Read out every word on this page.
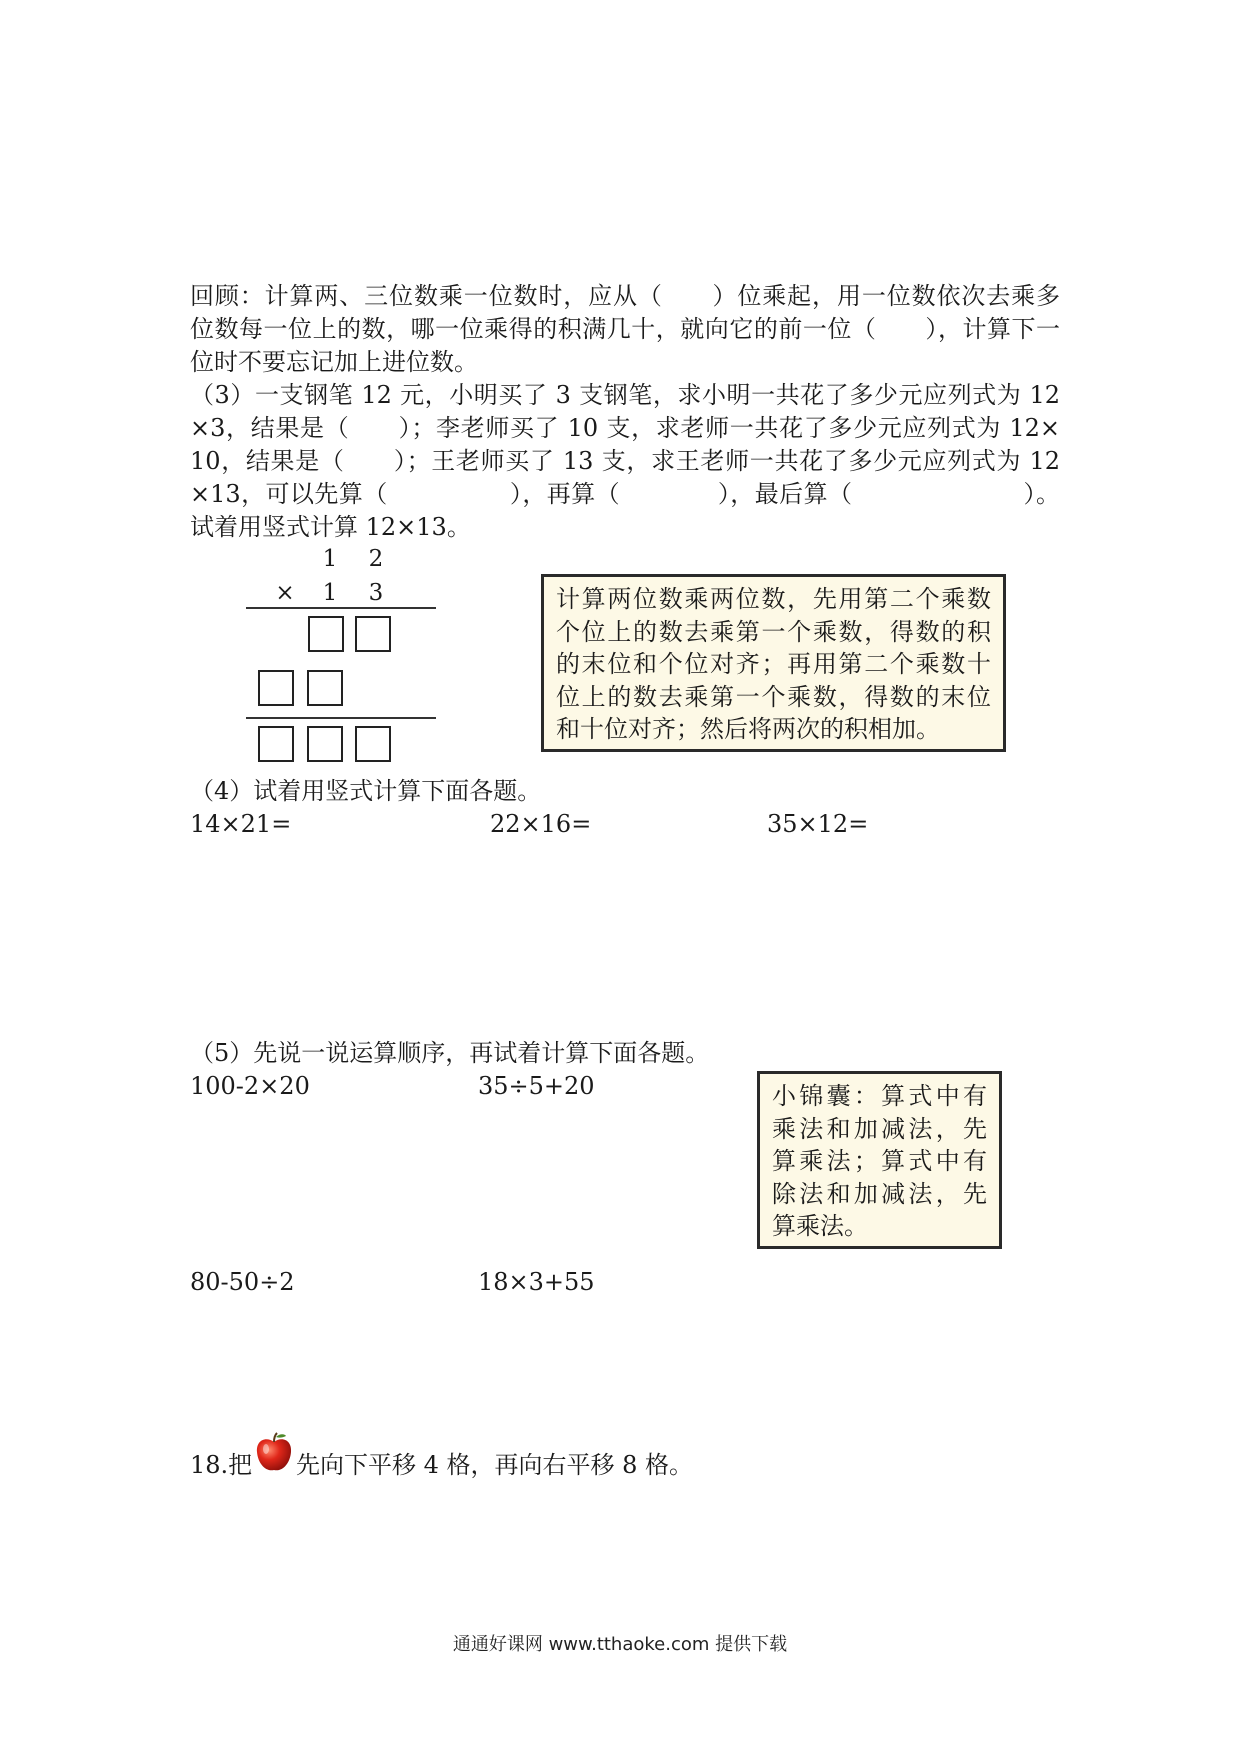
回顾：计算两、三位数乘一位数时，应从（　　）位乘起，用一位数依次去乘多
位数每一位上的数，哪一位乘得的积满几十，就向它的前一位（　　），计算下一
位时不要忘记加上进位数。
（3）一支钢笔 12 元，小明买了 3 支钢笔，求小明一共花了多少元应列式为 12
×3，结果是（　　）；李老师买了 10 支，求老师一共花了多少元应列式为 12×
10，结果是（　　）；王老师买了 13 支，求王老师一共花了多少元应列式为 12
×13，可以先算（　　　　　），再算（　　　　），最后算（　　　　　　　）。
试着用竖式计算 12×13。
1	2
×	1	3	计算两位数乘两位数，先用第二个乘数
个位上的数去乘第一个乘数，得数的积
的末位和个位对齐；再用第二个乘数十
位上的数去乘第一个乘数，得数的末位
和十位对齐；然后将两次的积相加。
（4）试着用竖式计算下面各题。
14×21=	22×16=	35×12=
（5）先说一说运算顺序，再试着计算下面各题。
100-2×20	35÷5+20
80-50÷2	18×3+55
小锦囊：算式中有
乘法和加减法，先
算乘法；算式中有
除法和加减法，先
算乘法。
18.把 先向下平移 4 格，再向右平移 8 格。
通通好课网 www.tthaoke.com 提供下载
